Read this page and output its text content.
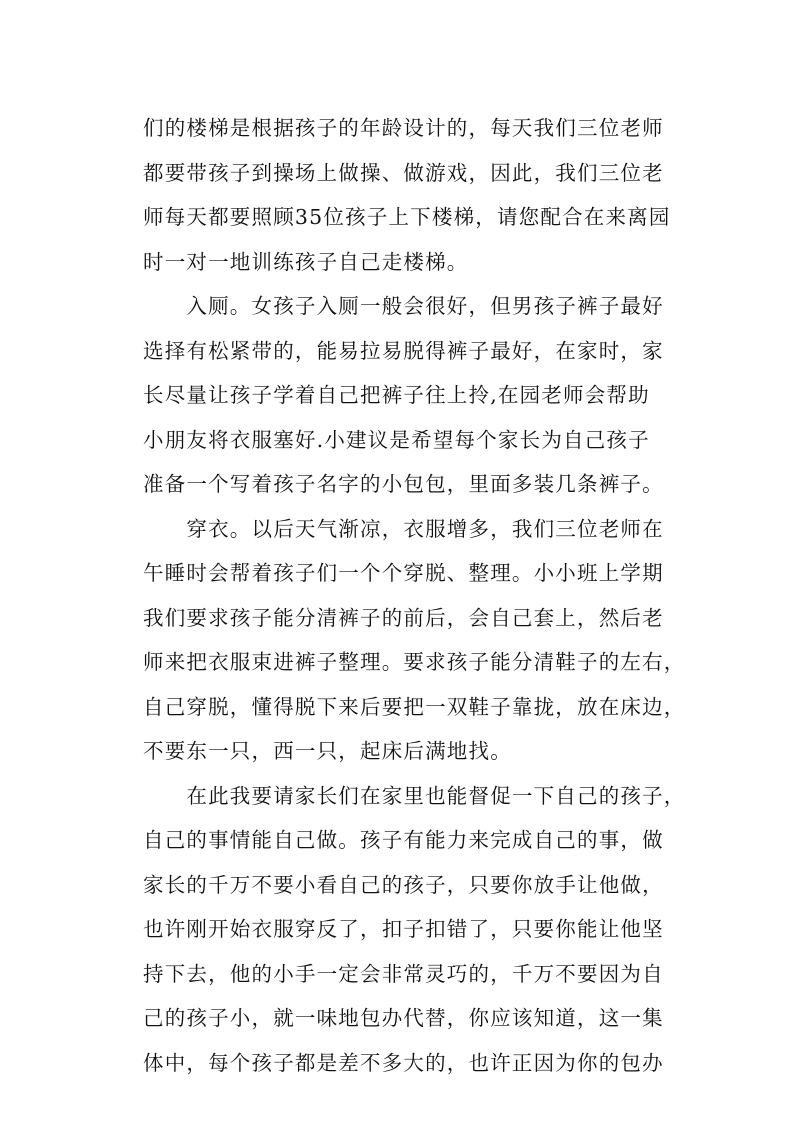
们的楼梯是根据孩子的年龄设计的，每天我们三位老师
都要带孩子到操场上做操、做游戏，因此，我们三位老
师每天都要照顾35位孩子上下楼梯，请您配合在来离园
时一对一地训练孩子自己走楼梯。
　　入厕。女孩子入厕一般会很好，但男孩子裤子最好
选择有松紧带的，能易拉易脱得裤子最好，在家时，家
长尽量让孩子学着自己把裤子往上拎,在园老师会帮助
小朋友将衣服塞好.小建议是希望每个家长为自己孩子
准备一个写着孩子名字的小包包，里面多装几条裤子。
　　穿衣。以后天气渐凉，衣服增多，我们三位老师在
午睡时会帮着孩子们一个个穿脱、整理。小小班上学期
我们要求孩子能分清裤子的前后，会自己套上，然后老
师来把衣服束进裤子整理。要求孩子能分清鞋子的左右，
自己穿脱，懂得脱下来后要把一双鞋子靠拢，放在床边，
不要东一只，西一只，起床后满地找。
　　在此我要请家长们在家里也能督促一下自己的孩子，
自己的事情能自己做。孩子有能力来完成自己的事，做
家长的千万不要小看自己的孩子，只要你放手让他做，
也许刚开始衣服穿反了，扣子扣错了，只要你能让他坚
持下去，他的小手一定会非常灵巧的，千万不要因为自
己的孩子小，就一味地包办代替，你应该知道，这一集
体中，每个孩子都是差不多大的，也许正因为你的包办
